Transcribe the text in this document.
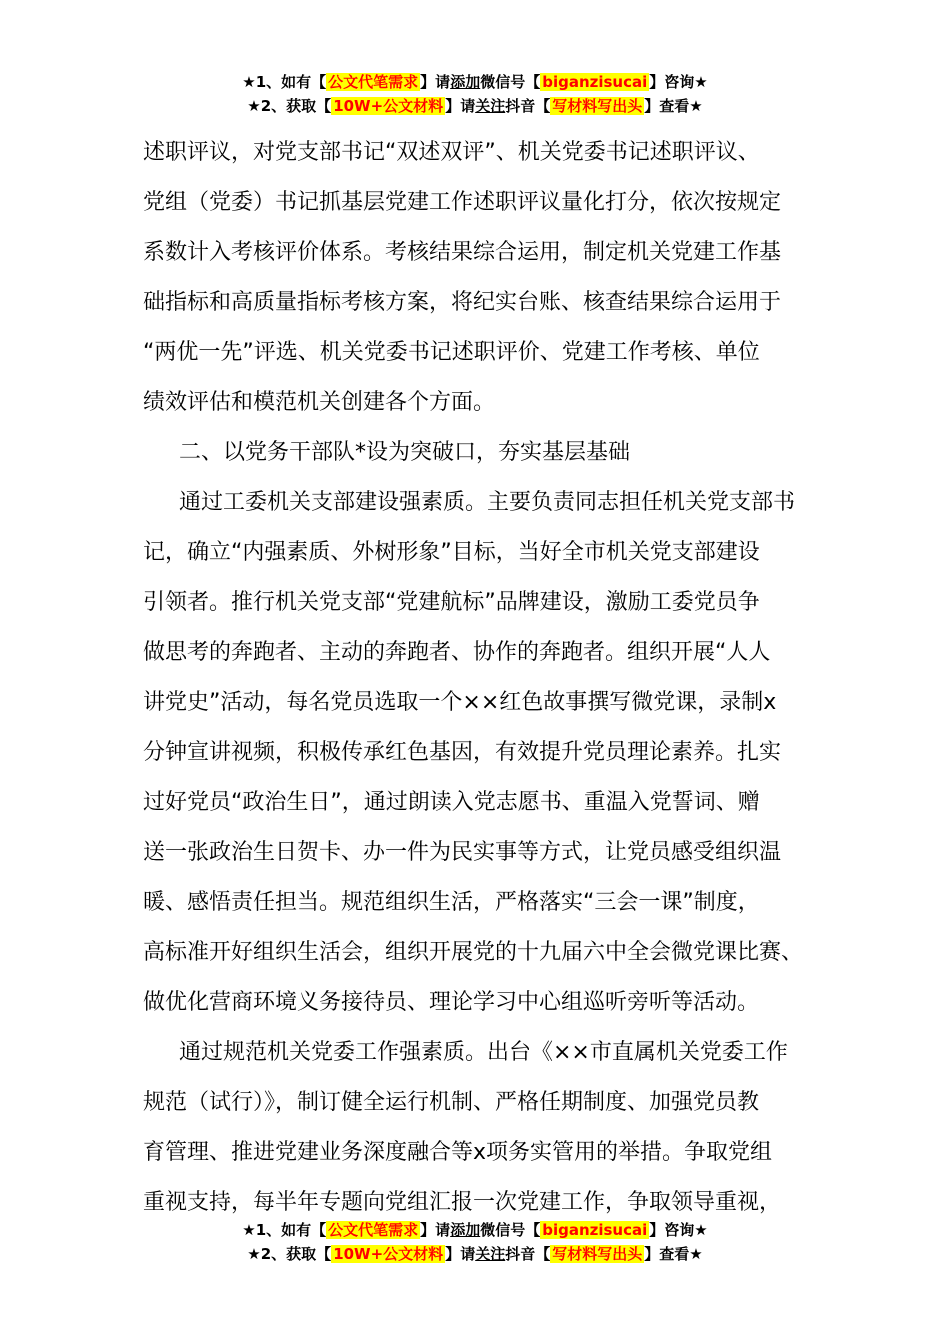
★1、如有【 公文代笔需求 】请添加微信号【 biganzisucai 】咨询★
★2、获取【 10W+公文材料 】请关注抖音【 写材料写出头 】查看★
述职评议，对党支部书记“双述双评”、机关党委书记述职评议、
党组（党委）书记抓基层党建工作述职评议量化打分，依次按规定
系数计入考核评价体系。考核结果综合运用，制定机关党建工作基
础指标和高质量指标考核方案，将纪实台账、核查结果综合运用于
“两优一先”评选、机关党委书记述职评价、党建工作考核、单位
绩效评估和模范机关创建各个方面。
二、以党务干部队*设为突破口，夯实基层基础
通过工委机关支部建设强素质。主要负责同志担任机关党支部书
记，确立“内强素质、外树形象”目标，当好全市机关党支部建设
引领者。推行机关党支部“党建航标”品牌建设，激励工委党员争
做思考的奔跑者、主动的奔跑者、协作的奔跑者。组织开展“人人
讲党史”活动，每名党员选取一个××红色故事撰写微党课，录制x
分钟宣讲视频，积极传承红色基因，有效提升党员理论素养。扎实
过好党员“政治生日”，通过朗读入党志愿书、重温入党誓词、赠
送一张政治生日贺卡、办一件为民实事等方式，让党员感受组织温
暖、感悟责任担当。规范组织生活，严格落实“三会一课”制度，
高标准开好组织生活会，组织开展党的十九届六中全会微党课比赛、
做优化营商环境义务接待员、理论学习中心组巡听旁听等活动。
通过规范机关党委工作强素质。出台《××市直属机关党委工作
规范（试行）》，制订健全运行机制、严格任期制度、加强党员教
育管理、推进党建业务深度融合等x项务实管用的举措。争取党组
重视支持，每半年专题向党组汇报一次党建工作，争取领导重视，
★1、如有【 公文代笔需求 】请添加微信号【 biganzisucai 】咨询★
★2、获取【 10W+公文材料 】请关注抖音【 写材料写出头 】查看★
